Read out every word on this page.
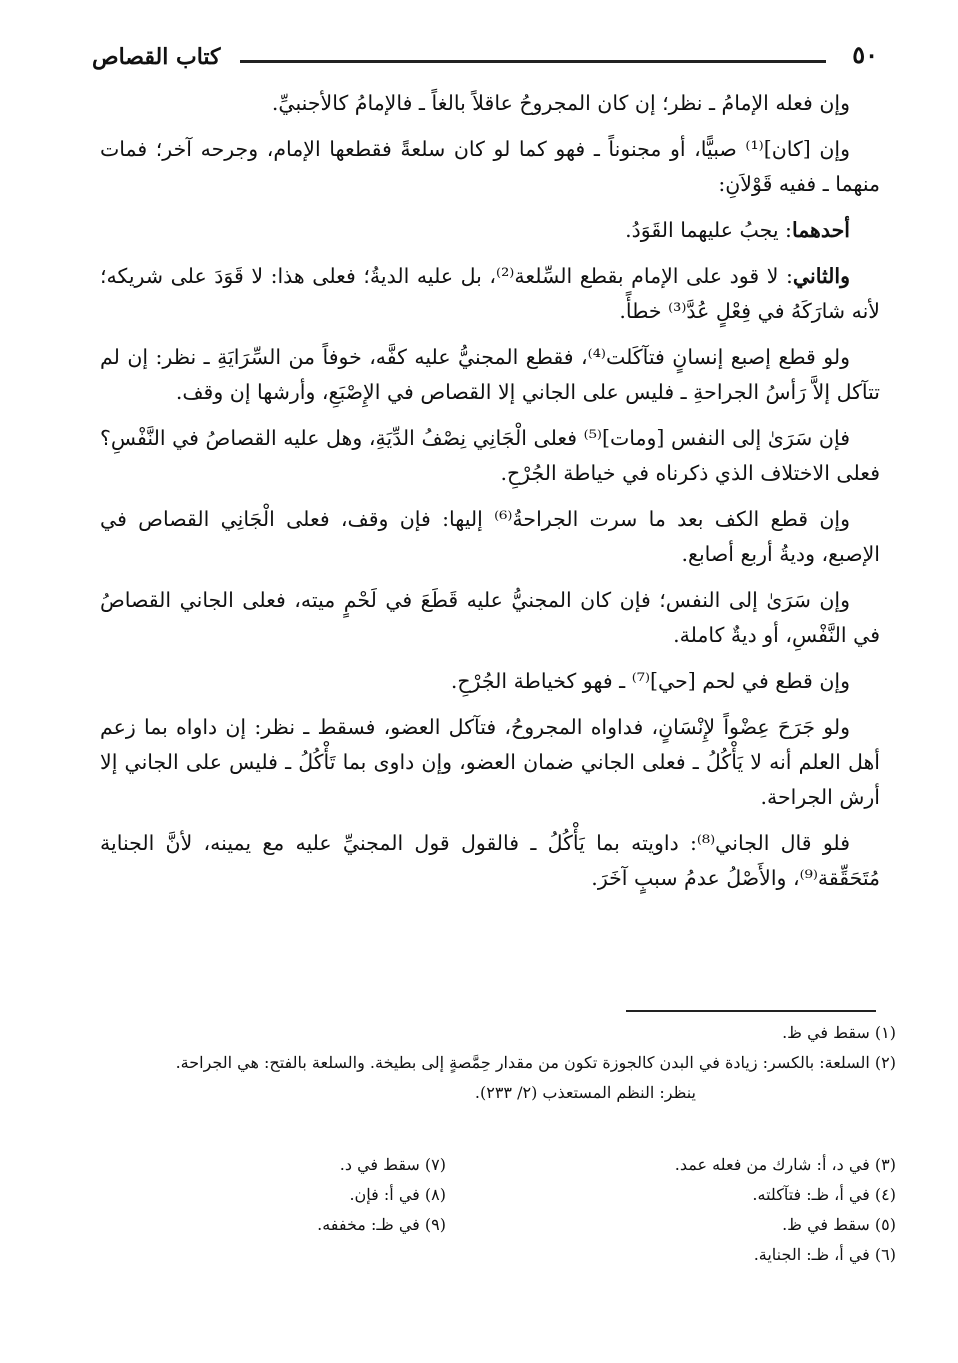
٥٠
كتاب القصاص

وإن فعله الإمامُ ـ نظر؛ إن كان المجروحُ عاقلاً بالغاً ـ فالإمامُ كالأجنبيِّ.

وإن [كان]⁽¹⁾ صبيًّا، أو مجنوناً ـ فهو كما لو كان سلعةً فقطعها الإمام، وجرحه آخر؛ فمات منهما ـ ففيه قَوْلاَنِ:

أحدهما: يجبُ عليهما القَوَدُ.

والثاني: لا قود على الإمام بقطع السِّلعة⁽²⁾، بل عليه الديةُ؛ فعلى هذا: لا قَوَدَ على شريكه؛ لأنه شارَكَهُ في فِعْلٍ عُدَّ⁽³⁾ خطأً.

ولو قطع إصبع إنسانٍ فتآكَلت⁽⁴⁾، فقطع المجنيُّ عليه كفَّه، خوفاً من السِّرَايَةِ ـ نظر: إن لم تتآكل إلاَّ رَأسُ الجراحةِ ـ فليس على الجاني إلا القصاص في الإِصْبَعِ، وأرشها إن وقف.

فإن سَرَىٰ إلى النفس [ومات]⁽⁵⁾ فعلى الْجَانِي نِصْفُ الدِّيَةِ، وهل عليه القصاصُ في النَّفْسِ؟ فعلى الاختلاف الذي ذكرناه في خياطة الجُرْحِ.

وإن قطع الكف بعد ما سرت الجراحةُ⁽⁶⁾ إليها: فإن وقف، فعلى الْجَانِي القصاص في الإصبع، وديةُ أربع أصابع.

وإن سَرَىٰ إلى النفس؛ فإن كان المجنيُّ عليه قَطَعَ في لَحْمٍ ميته، فعلى الجاني القصاصُ في النَّفْسِ، أو ديةٌ كاملة.

وإن قطع في لحم [حي]⁽⁷⁾ ـ فهو كخياطة الجُرْحِ.

ولو جَرَحَ عِضْواً لإِنْسَانٍ، فداواه المجروحُ، فتآكل العضو، فسقط ـ نظر: إن داواه بما زعم أهل العلم أنه لا يَأْكُلُ ـ فعلى الجاني ضمان العضو، وإن داوى بما تَأْكُلُ ـ فليس على الجاني إلا أرش الجراحة.

فلو قال الجاني⁽⁸⁾: داويته بما يَأْكُلُ ـ فالقول قول المجنيِّ عليه مع يمينه، لأنَّ الجناية مُتَحَقِّقة⁽⁹⁾، والأَصْلُ عدمُ سببٍ آخَرَ.

(١) سقط في ظ.

(٢) السلعة: بالكسر: زيادة في البدن كالجوزة تكون من مقدار حِمَّصةٍ إلى بطيخة. والسلعة بالفتح: هي الجراحة.

ينظر: النظم المستعذب (٢/ ٢٣٣).

(٣) في د، أ: شارك من فعله عمد.

(٤) في أ، ظـ: فتآكلته.

(٥) سقط في ظ.

(٦) في أ، ظـ: الجناية.

(٧) سقط في د.

(٨) في أ: فإن.

(٩) في ظـ: مخففه.
